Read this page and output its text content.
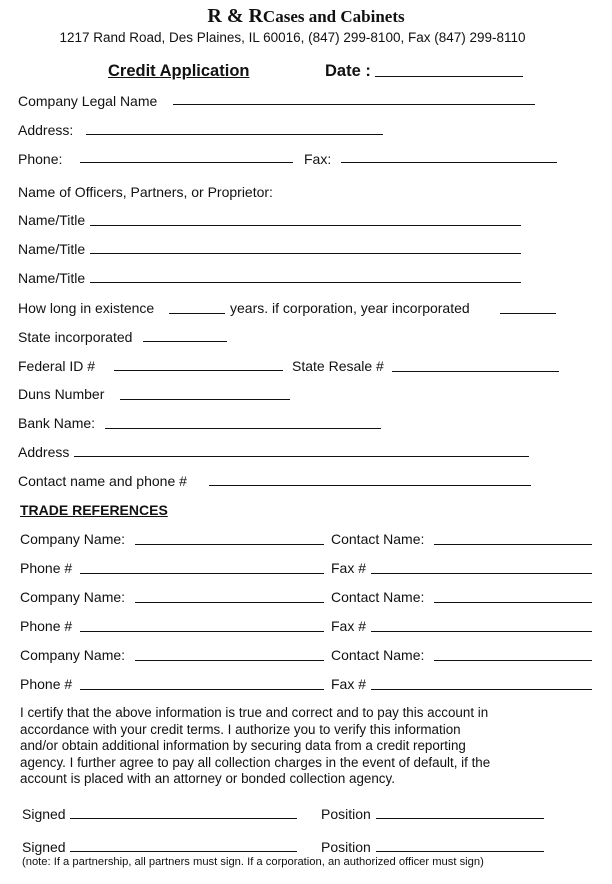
R & RCases and Cabinets
1217 Rand Road, Des Plaines, IL 60016, (847) 299-8100, Fax (847) 299-8110
Credit Application	Date :
Company Legal Name
Address:
Phone:	Fax:
Name of Officers, Partners, or Proprietor:
Name/Title
Name/Title
Name/Title
How long in existence	years. if corporation, year incorporated
State incorporated
Federal ID #	State Resale #
Duns Number
Bank Name:
Address
Contact name and phone #
TRADE REFERENCES
Company Name:	Contact Name:
Phone #	Fax #
Company Name:	Contact Name:
Phone #	Fax #
Company Name:	Contact Name:
Phone #	Fax #

I certify that the above information is true and correct and to pay this account in

accordance with your credit terms. I authorize you to verify this information

and/or obtain additional information by securing data from a credit reporting

agency. I further agree to pay all collection charges in the event of default, if the

account is placed with an attorney or bonded collection agency.

Signed	Position
Signed	Position
(note: If a partnership, all partners must sign. If a corporation, an authorized officer must sign)
